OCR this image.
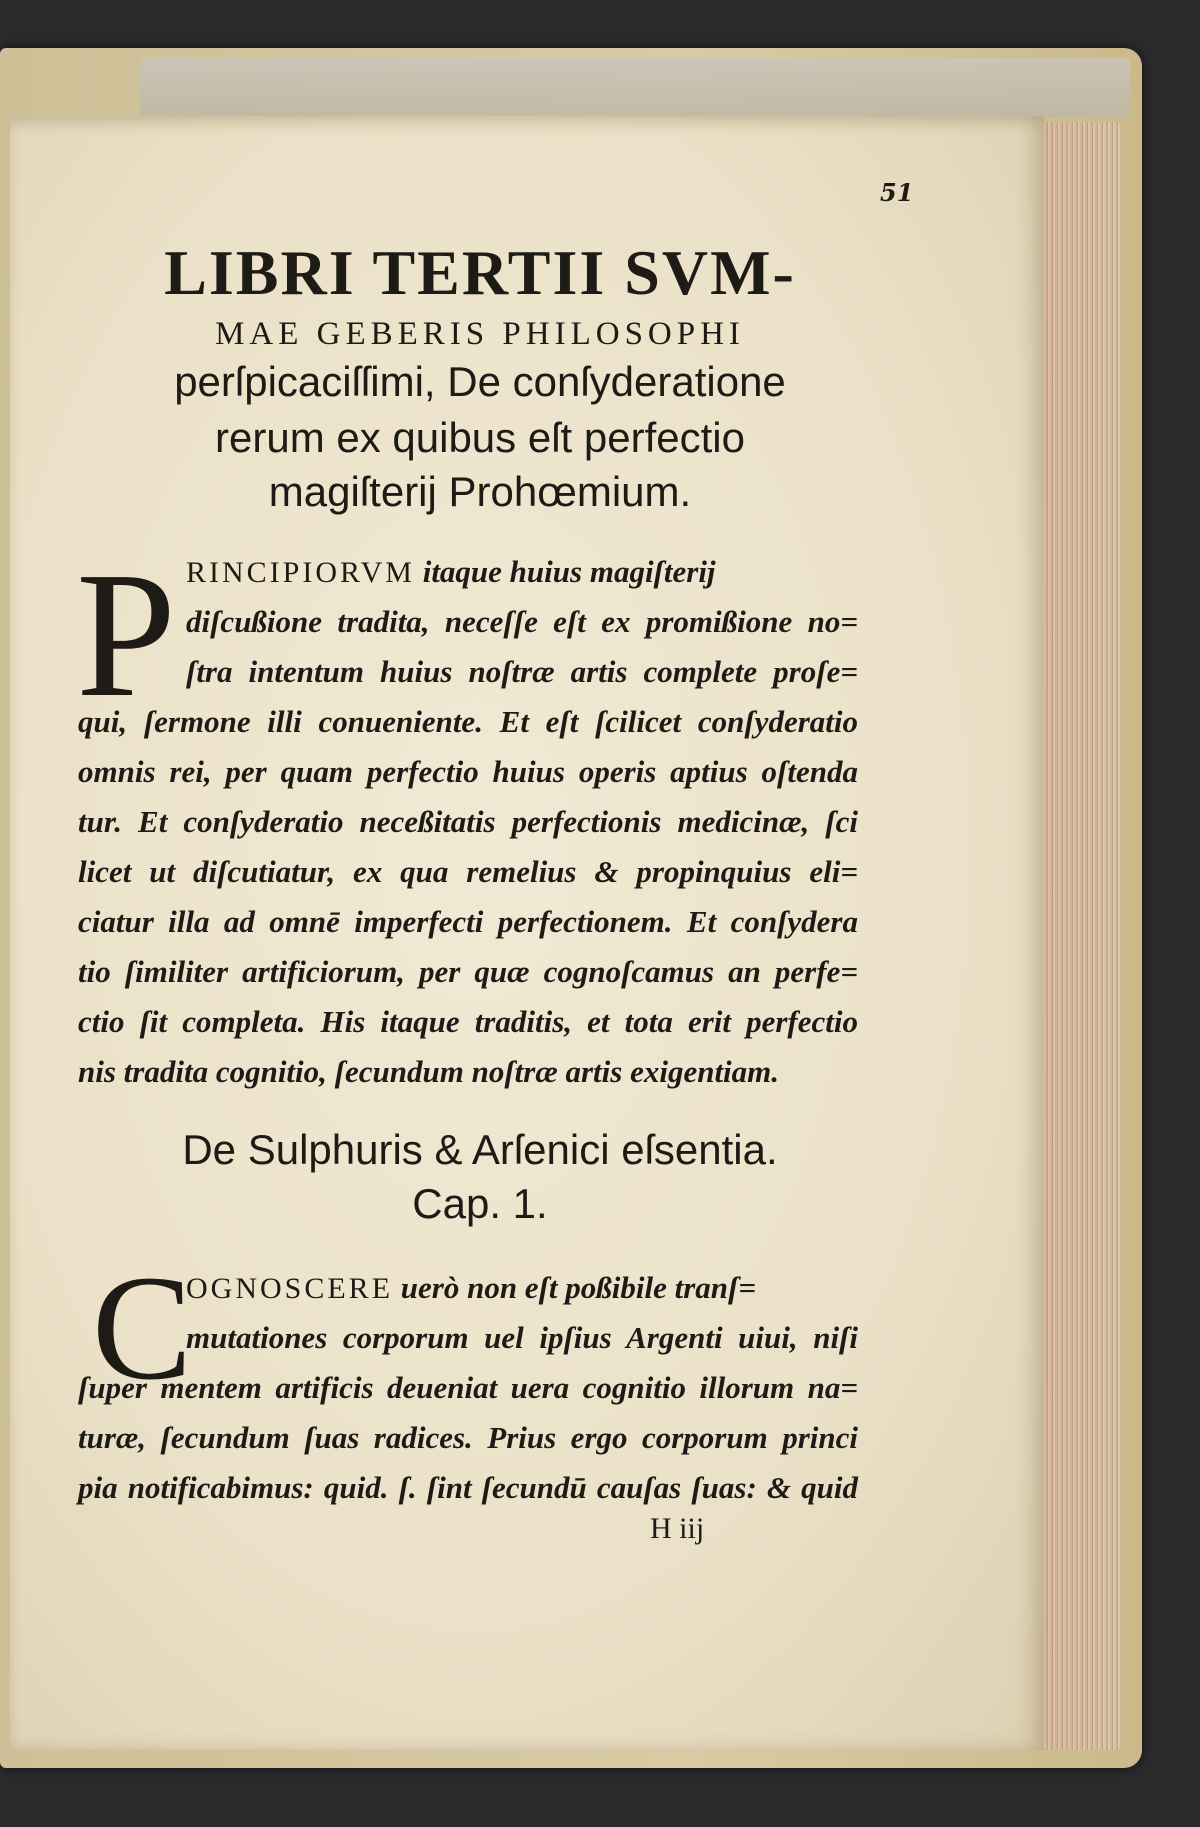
51
LIBRI TERTII SVM-
MAE GEBERIS PHILOSOPHI
perſpicaciſſimi, De conſyderatione
rerum ex quibus eſt perfectio
magiſterij Prohœmium.
P RINCIPIORVM itaque huius magiſterij
diſcußione tradita, neceſſe eſt ex promißione no=
ſtra intentum huius noſtræ artis complete proſe=
qui, ſermone illi conueniente. Et eſt ſcilicet conſyderatio
omnis rei, per quam perfectio huius operis aptius oſtenda
tur. Et conſyderatio neceßitatis perfectionis medicinæ, ſci
licet ut diſcutiatur, ex qua remelius & propinquius eli=
ciatur illa ad omnē imperfecti perfectionem. Et conſydera
tio ſimiliter artificiorum, per quæ cognoſcamus an perfe=
ctio ſit completa. His itaque traditis, et tota erit perfectio
nis tradita cognitio, ſecundum noſtræ artis exigentiam.
De Sulphuris & Arſenici eſsentia.
Cap. 1.
C
OGNOSCERE uerò non eſt poßibile tranſ=
mutationes corporum uel ipſius Argenti uiui, niſi
ſuper mentem artificis deueniat uera cognitio illorum na=
turæ, ſecundum ſuas radices. Prius ergo corporum princi
pia notificabimus: quid. ſ. ſint ſecundū cauſas ſuas: & quid
H iij
